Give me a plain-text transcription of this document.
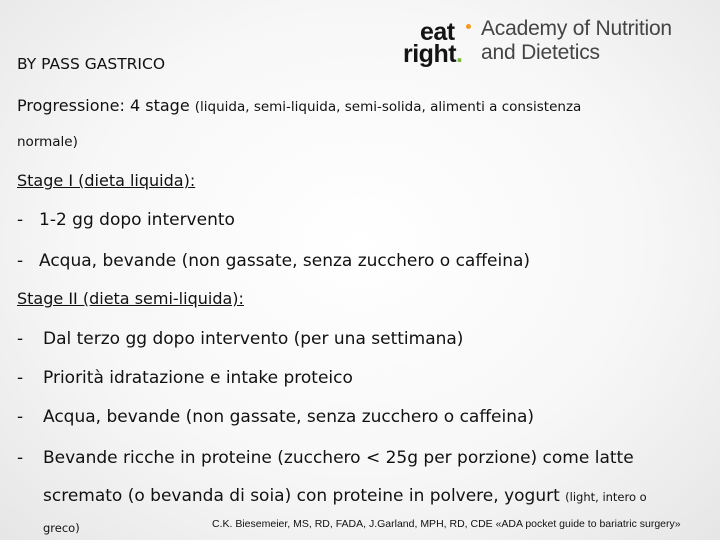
eat
right.
Academy of Nutrition
and Dietetics
BY PASS GASTRICO
Progressione: 4 stage (liquida, semi-liquida, semi-solida, alimenti a consistenza
normale)
Stage I (dieta liquida):
- 1-2 gg dopo intervento
- Acqua, bevande (non gassate, senza zucchero o caffeina)
Stage II (dieta semi-liquida):
- Dal terzo gg dopo intervento (per una settimana)
- Priorità idratazione e intake proteico
- Acqua, bevande (non gassate, senza zucchero o caffeina)
- Bevande ricche in proteine (zucchero < 25g per porzione) come latte
scremato (o bevanda di soia) con proteine in polvere, yogurt (light, intero o
greco)	C.K. Biesemeier, MS, RD, FADA, J.Garland, MPH, RD, CDE «ADA pocket guide to bariatric surgery»
